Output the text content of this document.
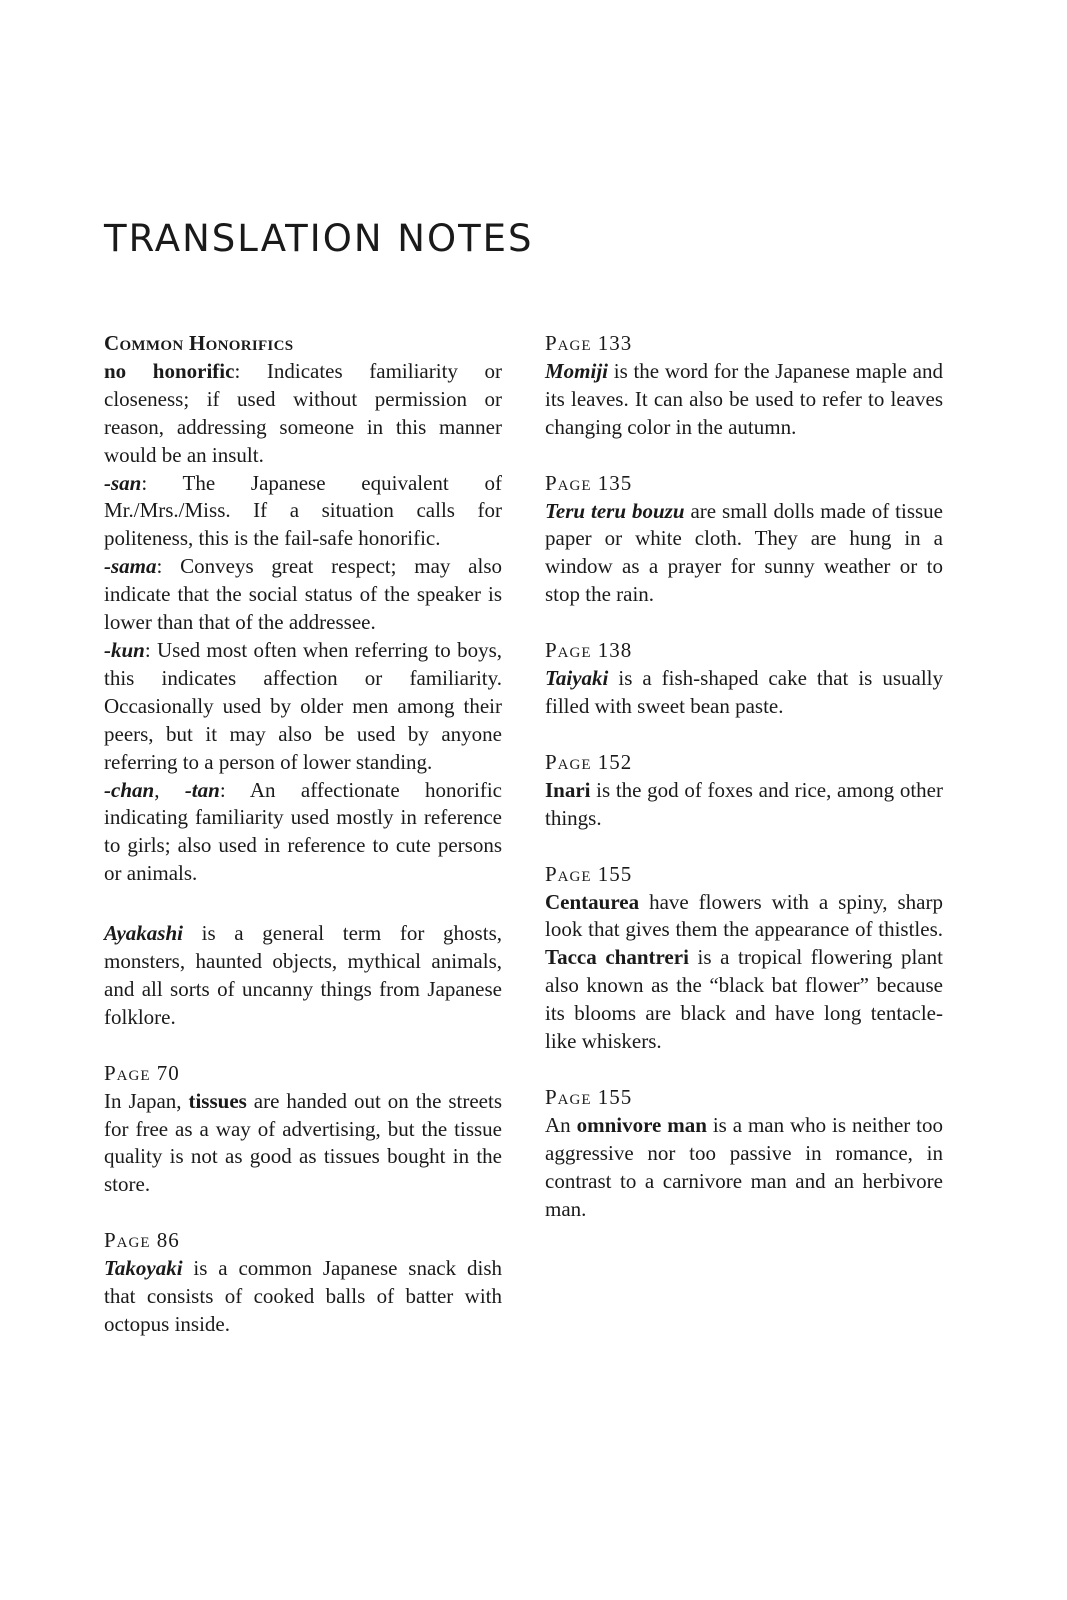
TRANSLATION NOTES
Common Honorifics

no honorific: Indicates familiarity or closeness; if used without permission or reason, addressing someone in this manner would be an insult.

-san: The Japanese equivalent of Mr./Mrs./Miss. If a situation calls for politeness, this is the fail-safe honorific.

-sama: Conveys great respect; may also indicate that the social status of the speaker is lower than that of the addressee.

-kun: Used most often when referring to boys, this indicates affection or familiarity. Occasionally used by older men among their peers, but it may also be used by anyone referring to a person of lower standing.

-chan, -tan: An affectionate honorific indicating familiarity used mostly in reference to girls; also used in reference to cute persons or animals.

Ayakashi is a general term for ghosts, monsters, haunted objects, mythical animals, and all sorts of uncanny things from Japanese folklore.

Page 70

In Japan, tissues are handed out on the streets for free as a way of advertising, but the tissue quality is not as good as tissues bought in the store.

Page 86

Takoyaki is a common Japanese snack dish that consists of cooked balls of batter with octopus inside.

Page 133

Momiji is the word for the Japanese maple and its leaves. It can also be used to refer to leaves changing color in the autumn.

Page 135

Teru teru bouzu are small dolls made of tissue paper or white cloth. They are hung in a window as a prayer for sunny weather or to stop the rain.

Page 138

Taiyaki is a fish-shaped cake that is usually filled with sweet bean paste.

Page 152

Inari is the god of foxes and rice, among other things.

Page 155

Centaurea have flowers with a spiny, sharp look that gives them the appearance of thistles. Tacca chantreri is a tropical flowering plant also known as the “black bat flower” because its blooms are black and have long tentacle-like whiskers.

Page 155

An omnivore man is a man who is neither too aggressive nor too passive in romance, in contrast to a carnivore man and an herbivore man.
